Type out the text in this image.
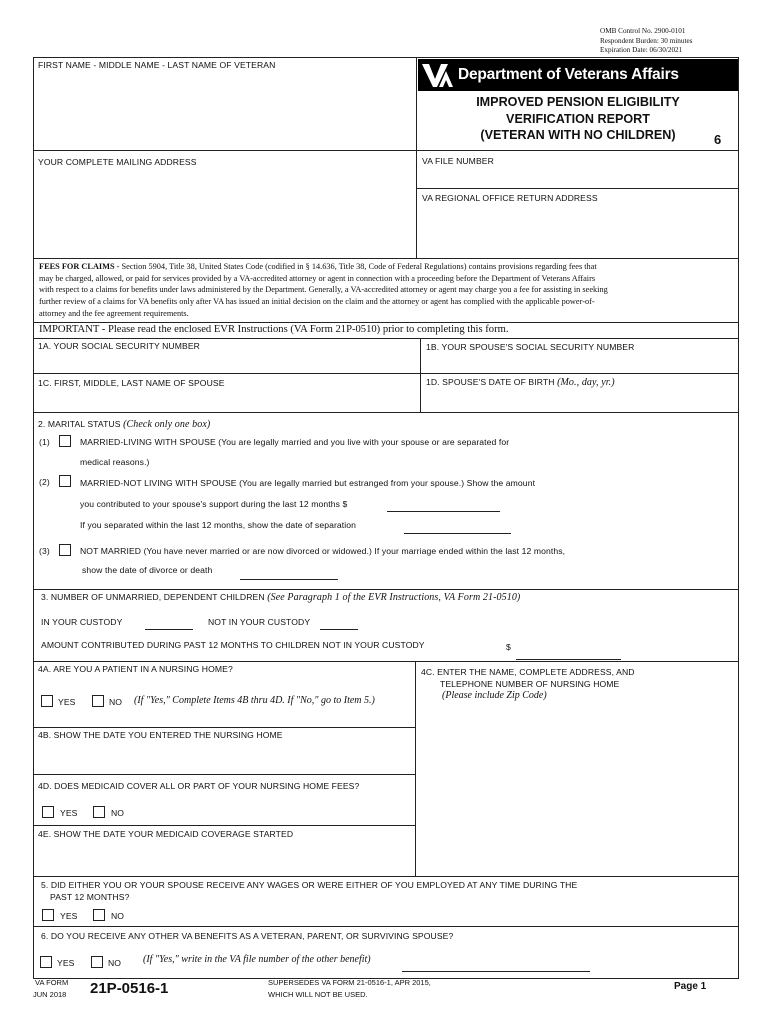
OMB Control No. 2900-0101
Respondent Burden: 30 minutes
Expiration Date: 06/30/2021
FIRST NAME - MIDDLE NAME - LAST NAME OF VETERAN
Department of Veterans Affairs
IMPROVED PENSION ELIGIBILITY
VERIFICATION REPORT
(VETERAN WITH NO CHILDREN)	6
YOUR COMPLETE MAILING ADDRESS	VA FILE NUMBER
VA REGIONAL OFFICE RETURN ADDRESS
FEES FOR CLAIMS - Section 5904, Title 38, United States Code (codified in § 14.636, Title 38, Code of Federal Regulations) contains provisions regarding fees that
may be charged, allowed, or paid for services provided by a VA-accredited attorney or agent in connection with a proceeding before the Department of Veterans Affairs
with respect to a claims for benefits under laws administered by the Department. Generally, a VA-accredited attorney or agent may charge you a fee for assisting in seeking
further review of a claims for VA benefits only after VA has issued an initial decision on the claim and the attorney or agent has complied with the applicable power-of-
attorney and the fee agreement requirements.
IMPORTANT - Please read the enclosed EVR Instructions (VA Form 21P-0510) prior to completing this form.
1A. YOUR SOCIAL SECURITY NUMBER	1B. YOUR SPOUSE'S SOCIAL SECURITY NUMBER
1C. FIRST, MIDDLE, LAST NAME OF SPOUSE	1D. SPOUSE'S DATE OF BIRTH (Mo., day, yr.)
2. MARITAL STATUS (Check only one box)
(1)	MARRIED-LIVING WITH SPOUSE (You are legally married and you live with your spouse or are separated for
medical reasons.)
(2)	MARRIED-NOT LIVING WITH SPOUSE (You are legally married but estranged from your spouse.) Show the amount
you contributed to your spouse's support during the last 12 months $
If you separated within the last 12 months, show the date of separation
(3)	NOT MARRIED (You have never married or are now divorced or widowed.) If your marriage ended within the last 12 months,
show the date of divorce or death
3. NUMBER OF UNMARRIED, DEPENDENT CHILDREN (See Paragraph 1 of the EVR Instructions, VA Form 21-0510)
IN YOUR CUSTODY	NOT IN YOUR CUSTODY
AMOUNT CONTRIBUTED DURING PAST 12 MONTHS TO CHILDREN NOT IN YOUR CUSTODY	$
4A. ARE YOU A PATIENT IN A NURSING HOME?
YES	NO (If "Yes," Complete Items 4B thru 4D. If "No," go to Item 5.)
4C. ENTER THE NAME, COMPLETE ADDRESS, AND
TELEPHONE NUMBER OF NURSING HOME
(Please include Zip Code)
4B. SHOW THE DATE YOU ENTERED THE NURSING HOME
4D. DOES MEDICAID COVER ALL OR PART OF YOUR NURSING HOME FEES?
YES	NO
4E. SHOW THE DATE YOUR MEDICAID COVERAGE STARTED
5. DID EITHER YOU OR YOUR SPOUSE RECEIVE ANY WAGES OR WERE EITHER OF YOU EMPLOYED AT ANY TIME DURING THE
PAST 12 MONTHS?
YES	NO
6. DO YOU RECEIVE ANY OTHER VA BENEFITS AS A VETERAN, PARENT, OR SURVIVING SPOUSE?
YES	NO (If "Yes," write in the VA file number of the other benefit)
VA FORM
JUN 2018 21P-0516-1	SUPERSEDES VA FORM 21-0516-1, APR 2015,
WHICH WILL NOT BE USED.
Page 1
